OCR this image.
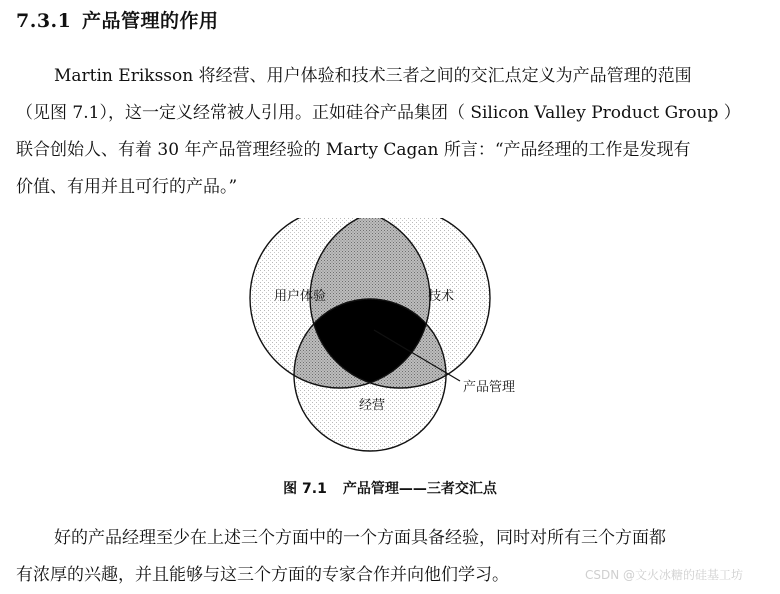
7.3.1 产品管理的作用
Martin Eriksson 将经营、用户体验和技术三者之间的交汇点定义为产品管理的范围
（见图 7.1），这一定义经常被人引用。正如硅谷产品集团（ Silicon Valley Product Group ）
联合创始人、有着 30 年产品管理经验的 Marty Cagan 所言：“产品经理的工作是发现有
价值、有用并且可行的产品。”
用户体验	技术
经营
产品管理
图 7.1 产品管理——三者交汇点
好的产品经理至少在上述三个方面中的一个方面具备经验，同时对所有三个方面都
有浓厚的兴趣，并且能够与这三个方面的专家合作并向他们学习。	CSDN @文火冰糖的硅基工坊
